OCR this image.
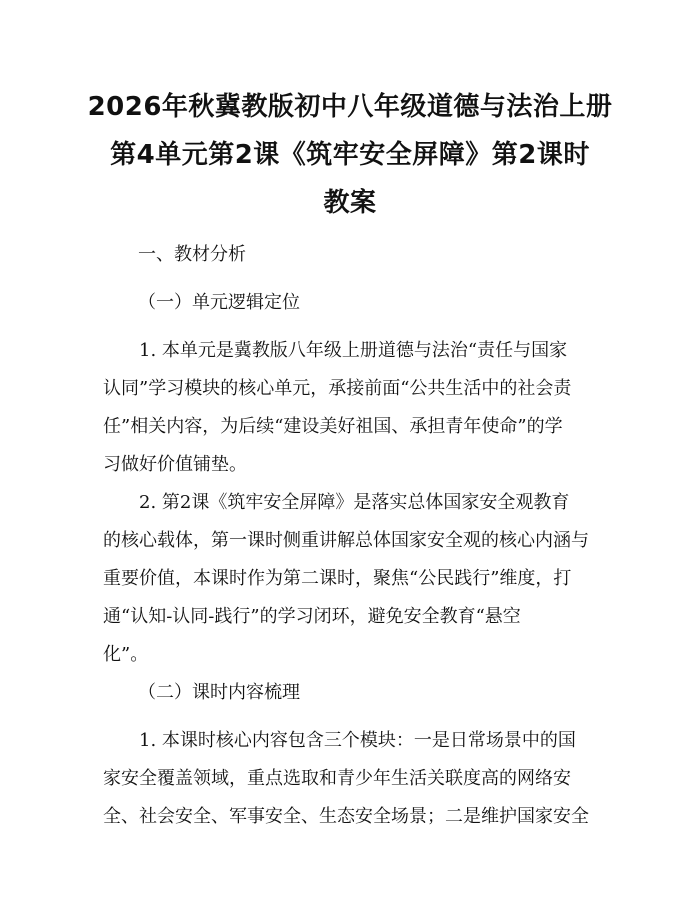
2026年秋冀教版初中八年级道德与法治上册
第4单元第2课《筑牢安全屏障》第2课时
教案
一、教材分析
（一）单元逻辑定位
1. 本单元是冀教版八年级上册道德与法治“责任与国家
认同”学习模块的核心单元，承接前面“公共生活中的社会责
任”相关内容，为后续“建设美好祖国、承担青年使命”的学
习做好价值铺垫。
2. 第2课《筑牢安全屏障》是落实总体国家安全观教育
的核心载体，第一课时侧重讲解总体国家安全观的核心内涵与
重要价值，本课时作为第二课时，聚焦“公民践行”维度，打
通“认知-认同-践行”的学习闭环，避免安全教育“悬空
化”。
（二）课时内容梳理
1. 本课时核心内容包含三个模块：一是日常场景中的国
家安全覆盖领域，重点选取和青少年生活关联度高的网络安
全、社会安全、军事安全、生态安全场景；二是维护国家安全
